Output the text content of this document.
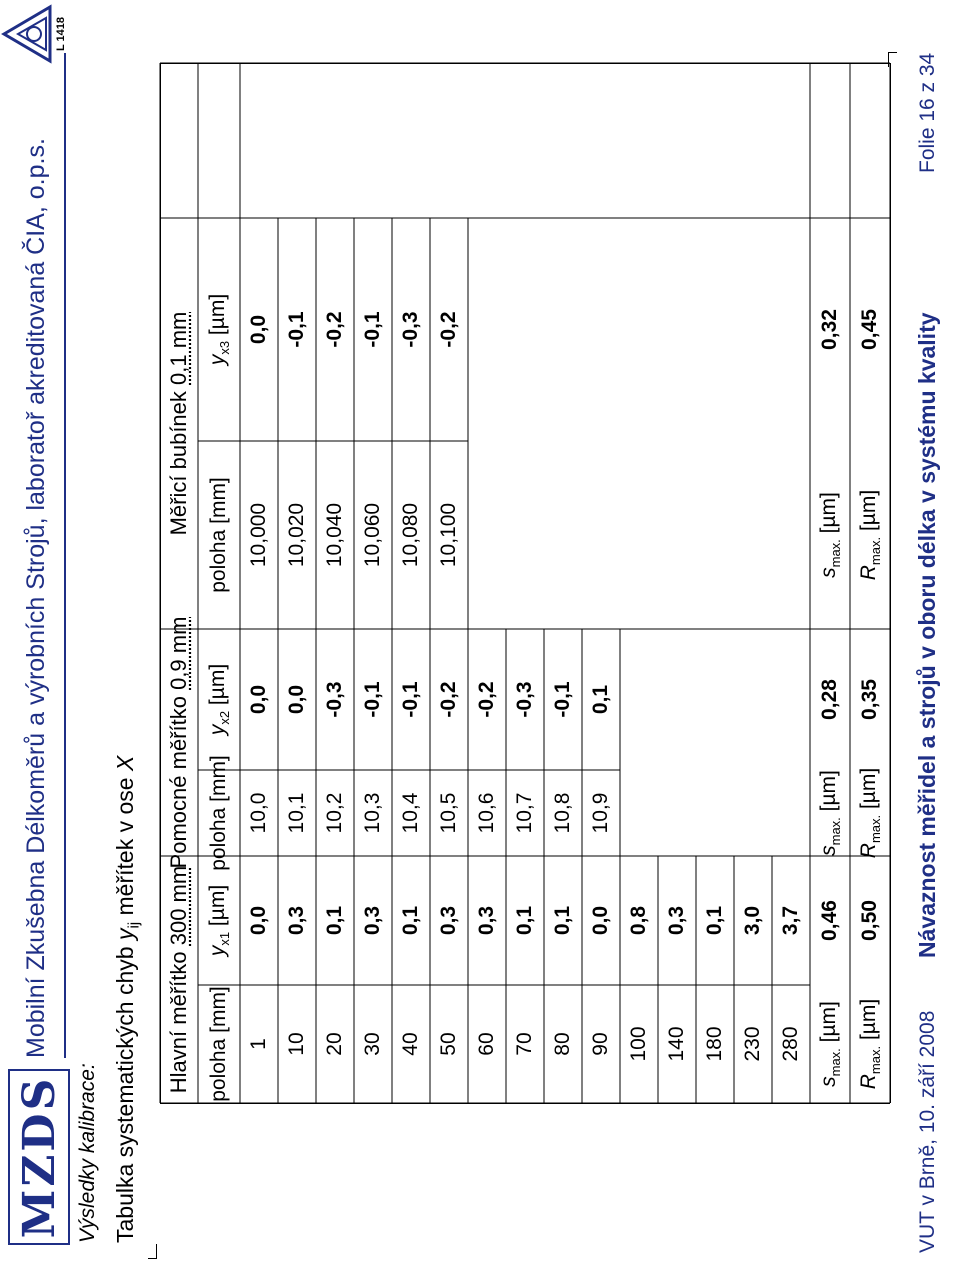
MZDS
Mobilní Zkušebna Délkoměrů a výrobních Strojů, laboratoř akreditovaná ČIA, o.p.s.
L 1418
Výsledky kalibrace: Tabulka systematických chyb $y_{ij}$ měřítek v ose X
Hlavní měřítko 300 mm
Pomocné měřítko 0,9 mm
Měřicí bubínek 0,1 mm
poloha [mm]
$y_{x1}$ [µm]
poloha [mm]
$y_{x2}$ [µm]
poloha [mm]
$y_{x3}$ [µm]
1
0,0
10
0,3
20
0,1
30
0,3
40
0,1
50
0,3
60
0,3
70
0,1
80
0,1
90
0,0
100
0,8
140
0,3
180
0,1
230
3,0
280
3,7
10,0
0,0
10,1
0,0
10,2
-0,3
10,3
-0,1
10,4
-0,1
10,5
-0,2
10,6
-0,2
10,7
-0,3
10,8
-0,1
10,9
0,1
10,000
0,0
10,020
-0,1
10,040
-0,2
10,060
-0,1
10,080
-0,3
10,100
-0,2
$s_{max.}$ [µm]
0,46
$R_{max.}$ [µm]
0,50
$s_{max.}$ [µm]
0,28
$R_{max.}$ [µm]
0,35
$s_{max.}$ [µm]
0,32
$R_{max.}$ [µm]
0,45
VUT v Brně, 10. září 2008
Návaznost měřidel a strojů v oboru délka v systému kvality
Folie 16 z 34
